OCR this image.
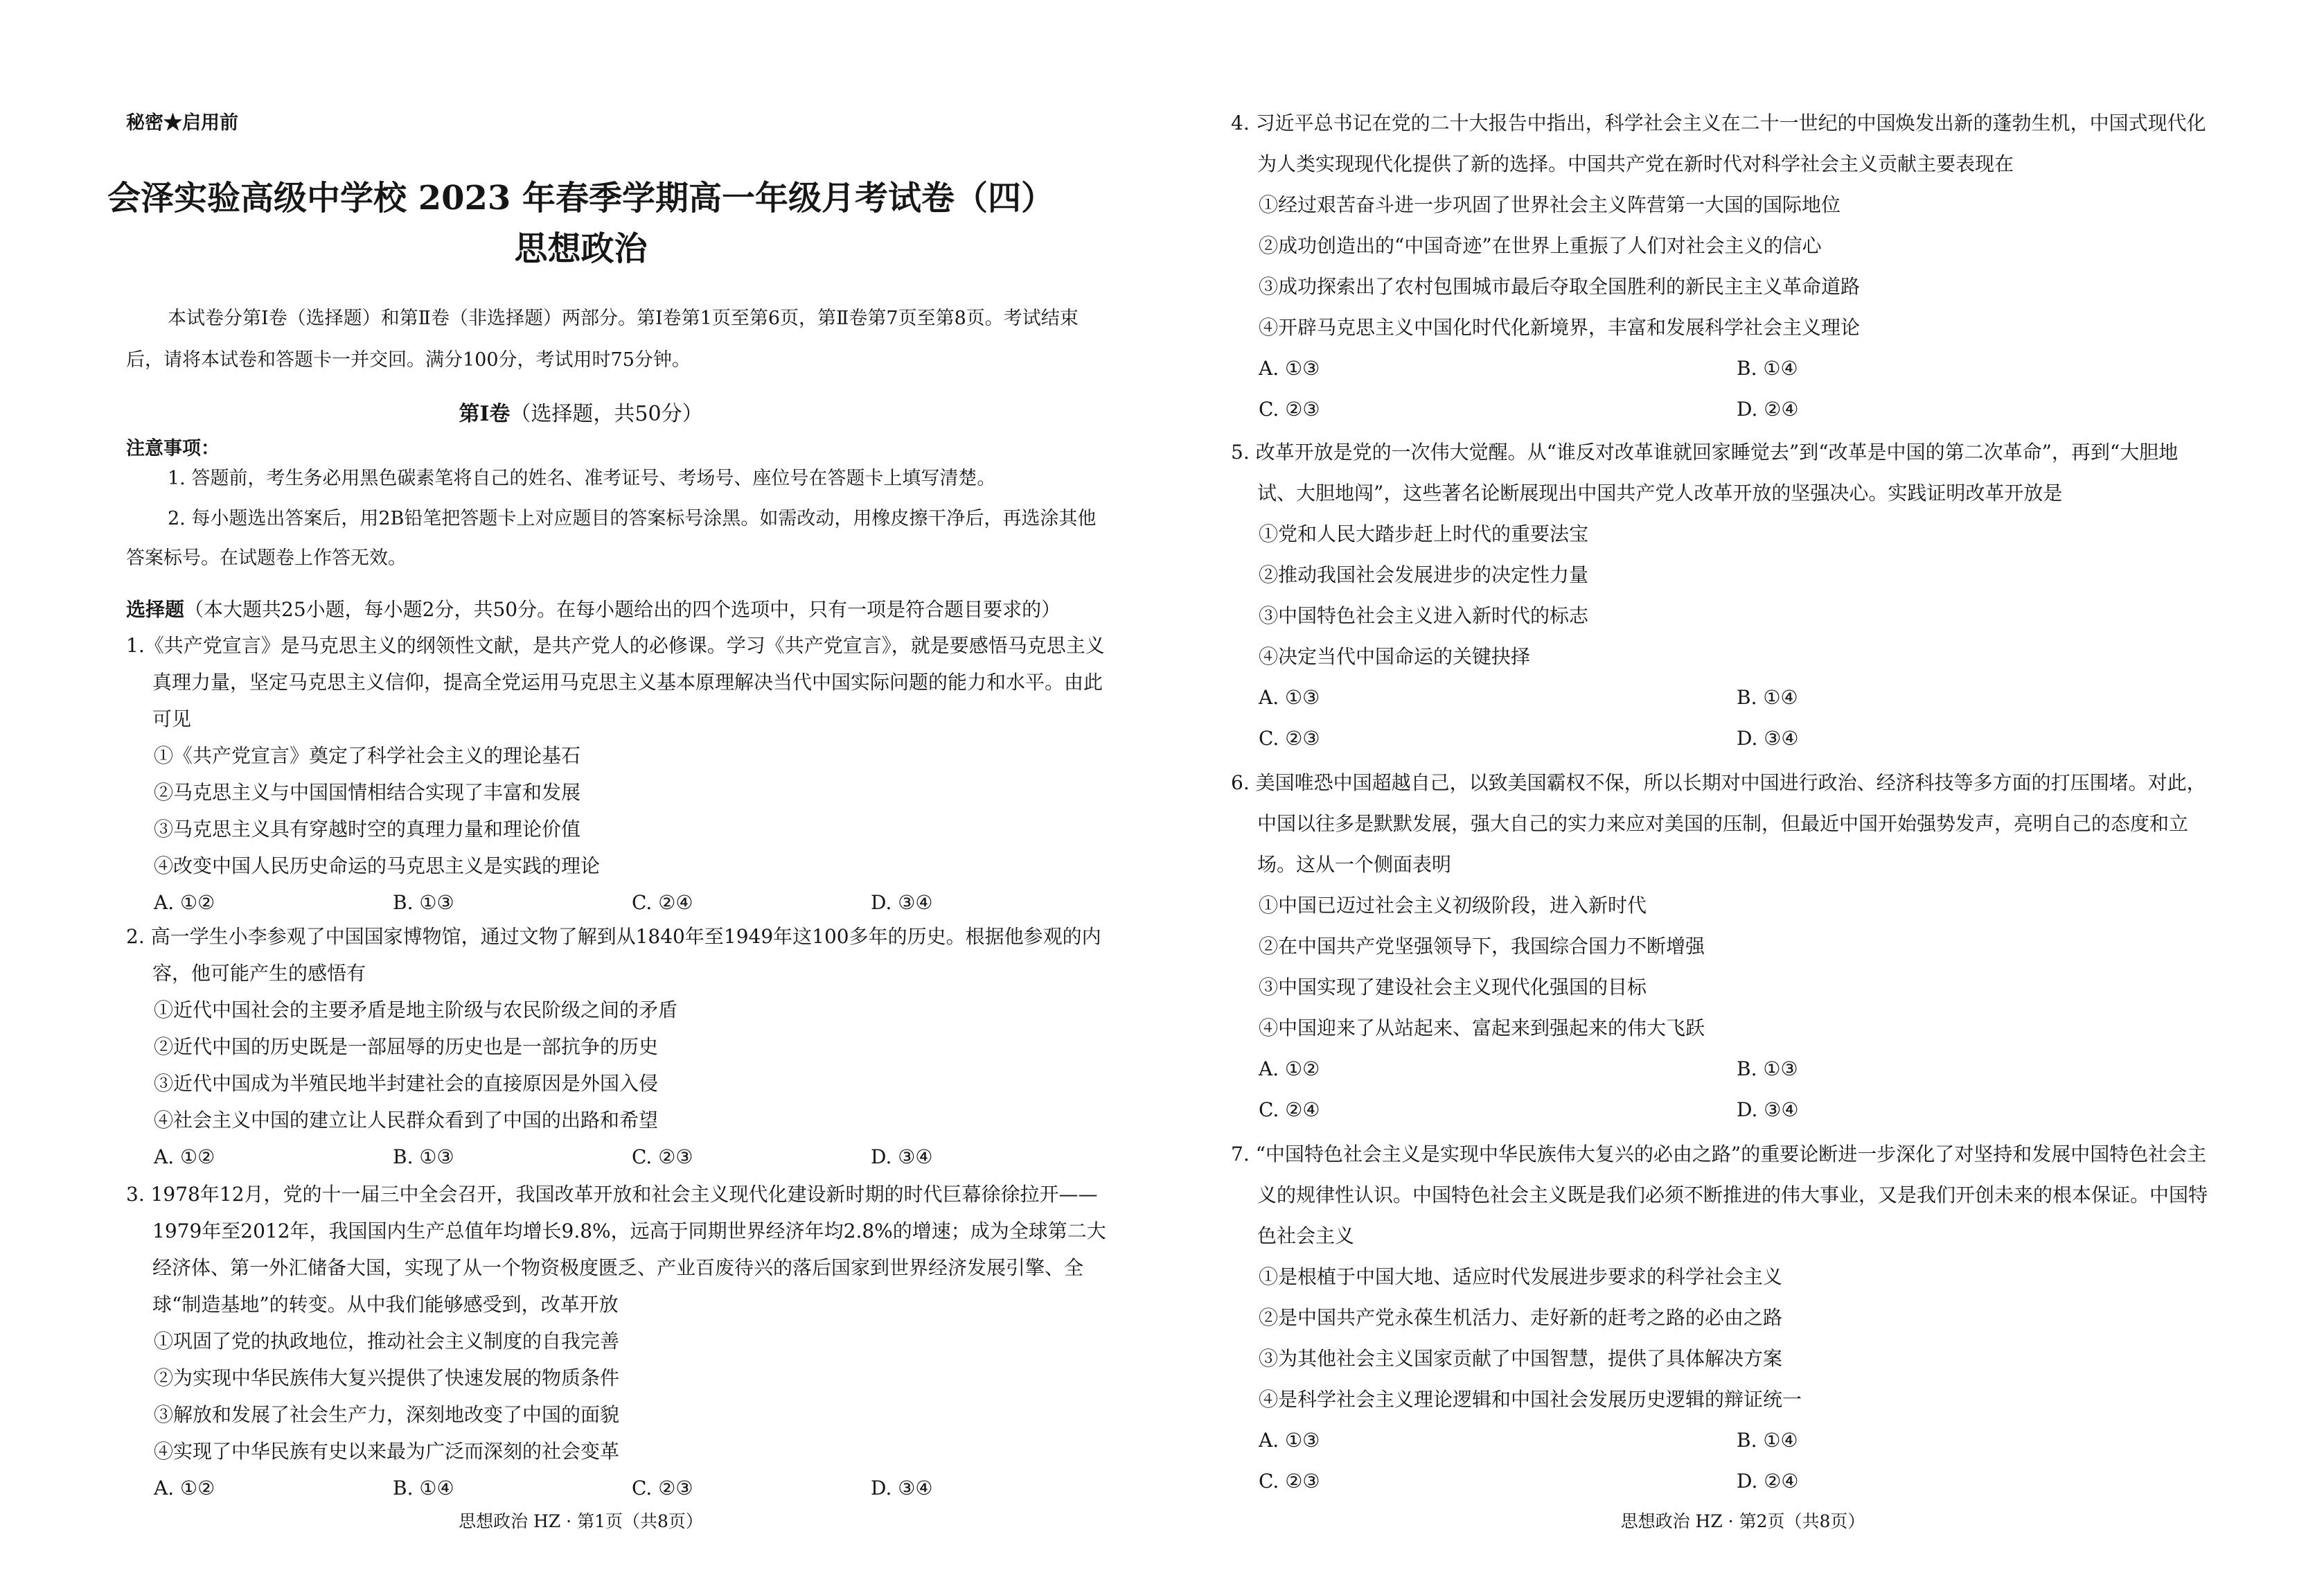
秘密★启用前
会泽实验高级中学校 2023 年春季学期高一年级月考试卷（四）
思想政治
本试卷分第Ⅰ卷（选择题）和第Ⅱ卷（非选择题）两部分。第Ⅰ卷第1页至第6页，第Ⅱ卷第7页至第8页。考试结束后，请将本试卷和答题卡一并交回。满分100分，考试用时75分钟。
第Ⅰ卷（选择题，共50分）
注意事项：
1. 答题前，考生务必用黑色碳素笔将自己的姓名、准考证号、考场号、座位号在答题卡上填写清楚。
2. 每小题选出答案后，用2B铅笔把答题卡上对应题目的答案标号涂黑。如需改动，用橡皮擦干净后，再选涂其他答案标号。在试题卷上作答无效。
选择题（本大题共25小题，每小题2分，共50分。在每小题给出的四个选项中，只有一项是符合题目要求的）
1.《共产党宣言》是马克思主义的纲领性文献，是共产党人的必修课。学习《共产党宣言》，就是要感悟马克思主义真理力量，坚定马克思主义信仰，提高全党运用马克思主义基本原理解决当代中国实际问题的能力和水平。由此可见
①《共产党宣言》奠定了科学社会主义的理论基石
②马克思主义与中国国情相结合实现了丰富和发展
③马克思主义具有穿越时空的真理力量和理论价值
④改变中国人民历史命运的马克思主义是实践的理论
A. ①②	B. ①③	C. ②④	D. ③④
2. 高一学生小李参观了中国国家博物馆，通过文物了解到从1840年至1949年这100多年的历史。根据他参观的内容，他可能产生的感悟有
①近代中国社会的主要矛盾是地主阶级与农民阶级之间的矛盾
②近代中国的历史既是一部屈辱的历史也是一部抗争的历史
③近代中国成为半殖民地半封建社会的直接原因是外国入侵
④社会主义中国的建立让人民群众看到了中国的出路和希望
A. ①②	B. ①③	C. ②③	D. ③④
3. 1978年12月，党的十一届三中全会召开，我国改革开放和社会主义现代化建设新时期的时代巨幕徐徐拉开——1979年至2012年，我国国内生产总值年均增长9.8%，远高于同期世界经济年均2.8%的增速；成为全球第二大经济体、第一外汇储备大国，实现了从一个物资极度匮乏、产业百废待兴的落后国家到世界经济发展引擎、全球“制造基地”的转变。从中我们能够感受到，改革开放
①巩固了党的执政地位，推动社会主义制度的自我完善
②为实现中华民族伟大复兴提供了快速发展的物质条件
③解放和发展了社会生产力，深刻地改变了中国的面貌
④实现了中华民族有史以来最为广泛而深刻的社会变革
A. ①②	B. ①④	C. ②③	D. ③④
思想政治 HZ · 第1页（共8页）
4. 习近平总书记在党的二十大报告中指出，科学社会主义在二十一世纪的中国焕发出新的蓬勃生机，中国式现代化为人类实现现代化提供了新的选择。中国共产党在新时代对科学社会主义贡献主要表现在
①经过艰苦奋斗进一步巩固了世界社会主义阵营第一大国的国际地位
②成功创造出的“中国奇迹”在世界上重振了人们对社会主义的信心
③成功探索出了农村包围城市最后夺取全国胜利的新民主主义革命道路
④开辟马克思主义中国化时代化新境界，丰富和发展科学社会主义理论
A. ①③	B. ①④
C. ②③	D. ②④
5. 改革开放是党的一次伟大觉醒。从“谁反对改革谁就回家睡觉去”到“改革是中国的第二次革命”，再到“大胆地试、大胆地闯”，这些著名论断展现出中国共产党人改革开放的坚强决心。实践证明改革开放是
①党和人民大踏步赶上时代的重要法宝
②推动我国社会发展进步的决定性力量
③中国特色社会主义进入新时代的标志
④决定当代中国命运的关键抉择
A. ①③	B. ①④
C. ②③	D. ③④
6. 美国唯恐中国超越自己，以致美国霸权不保，所以长期对中国进行政治、经济科技等多方面的打压围堵。对此，中国以往多是默默发展，强大自己的实力来应对美国的压制，但最近中国开始强势发声，亮明自己的态度和立场。这从一个侧面表明
①中国已迈过社会主义初级阶段，进入新时代
②在中国共产党坚强领导下，我国综合国力不断增强
③中国实现了建设社会主义现代化强国的目标
④中国迎来了从站起来、富起来到强起来的伟大飞跃
A. ①②	B. ①③
C. ②④	D. ③④
7. “中国特色社会主义是实现中华民族伟大复兴的必由之路”的重要论断进一步深化了对坚持和发展中国特色社会主义的规律性认识。中国特色社会主义既是我们必须不断推进的伟大事业，又是我们开创未来的根本保证。中国特色社会主义
①是根植于中国大地、适应时代发展进步要求的科学社会主义
②是中国共产党永葆生机活力、走好新的赶考之路的必由之路
③为其他社会主义国家贡献了中国智慧，提供了具体解决方案
④是科学社会主义理论逻辑和中国社会发展历史逻辑的辩证统一
A. ①③	B. ①④
C. ②③	D. ②④
思想政治 HZ · 第2页（共8页）
